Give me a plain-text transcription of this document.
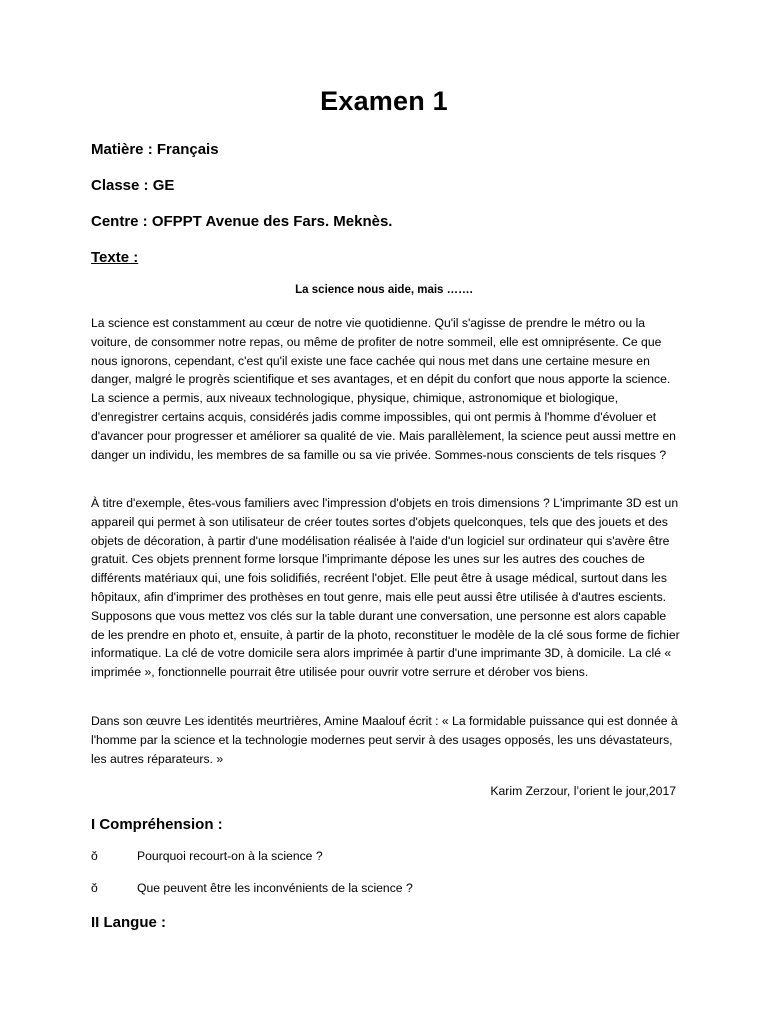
Examen 1
Matière : Français
Classe : GE
Centre : OFPPT Avenue des Fars. Meknès.
Texte :
La science nous aide, mais …….

La science est constamment au cœur de notre vie quotidienne. Qu'il s'agisse de prendre le métro ou la voiture, de consommer notre repas, ou même de profiter de notre sommeil, elle est omniprésente. Ce que nous ignorons, cependant, c'est qu'il existe une face cachée qui nous met dans une certaine mesure en danger, malgré le progrès scientifique et ses avantages, et en dépit du confort que nous apporte la science. La science a permis, aux niveaux technologique, physique, chimique, astronomique et biologique, d'enregistrer certains acquis, considérés jadis comme impossibles, qui ont permis à l'homme d'évoluer et d'avancer pour progresser et améliorer sa qualité de vie. Mais parallèlement, la science peut aussi mettre en danger un individu, les membres de sa famille ou sa vie privée. Sommes-nous conscients de tels risques ?

À titre d'exemple, êtes-vous familiers avec l'impression d'objets en trois dimensions ? L'imprimante 3D est un appareil qui permet à son utilisateur de créer toutes sortes d'objets quelconques, tels que des jouets et des objets de décoration, à partir d'une modélisation réalisée à l'aide d'un logiciel sur ordinateur qui s'avère être gratuit. Ces objets prennent forme lorsque l'imprimante dépose les unes sur les autres des couches de différents matériaux qui, une fois solidifiés, recréent l'objet. Elle peut être à usage médical, surtout dans les hôpitaux, afin d'imprimer des prothèses en tout genre, mais elle peut aussi être utilisée à d'autres escients. Supposons que vous mettez vos clés sur la table durant une conversation, une personne est alors capable de les prendre en photo et, ensuite, à partir de la photo, reconstituer le modèle de la clé sous forme de fichier informatique. La clé de votre domicile sera alors imprimée à partir d'une imprimante 3D, à domicile. La clé « imprimée », fonctionnelle pourrait être utilisée pour ouvrir votre serrure et dérober vos biens.

Dans son œuvre Les identités meurtrières, Amine Maalouf écrit : « La formidable puissance qui est donnée à l'homme par la science et la technologie modernes peut servir à des usages opposés, les uns dévastateurs, les autres réparateurs. »

Karim Zerzour, l’orient le jour,2017
I Compréhension :
ŏ	Pourquoi recourt-on à la science ?
ŏ	Que peuvent être les inconvénients de la science ?
II Langue :
